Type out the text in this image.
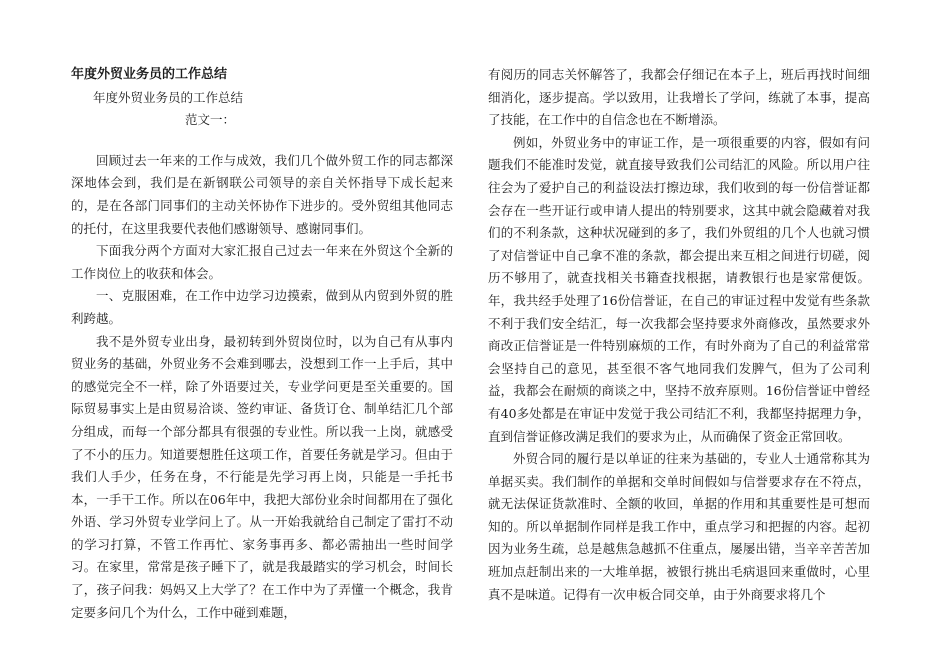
年度外贸业务员的工作总结
年度外贸业务员的工作总结
范文一：

回顾过去一年来的工作与成效，我们几个做外贸工作的同志都深深地体会到，我们是在新钢联公司领导的亲自关怀指导下成长起来的，是在各部门同事们的主动关怀协作下进步的。受外贸组其他同志的托付，在这里我要代表他们感谢领导、感谢同事们。

下面我分两个方面对大家汇报自己过去一年来在外贸这个全新的工作岗位上的收获和体会。

一、克服困难，在工作中边学习边摸索，做到从内贸到外贸的胜利跨越。

我不是外贸专业出身，最初转到外贸岗位时，以为自己有从事内贸业务的基础，外贸业务不会难到哪去，没想到工作一上手后，其中的感觉完全不一样，除了外语要过关，专业学问更是至关重要的。国际贸易事实上是由贸易洽谈、签约审证、备货订仓、制单结汇几个部分组成，而每一个部分都具有很强的专业性。所以我一上岗，就感受了不小的压力。知道要想胜任这项工作，首要任务就是学习。但由于我们人手少，任务在身，不行能是先学习再上岗，只能是一手托书本，一手干工作。所以在06年中，我把大部份业余时间都用在了强化外语、学习外贸专业学问上了。从一开始我就给自己制定了雷打不动的学习打算，不管工作再忙、家务事再多、都必需抽出一些时间学习。在家里，常常是孩子睡下了，就是我最踏实的学习机会，时间长了，孩子问我：妈妈又上大学了？在工作中为了弄懂一个概念，我肯定要多问几个为什么，工作中碰到难题，

有阅历的同志关怀解答了，我都会仔细记在本子上，班后再找时间细细消化，逐步提高。学以致用，让我增长了学问，练就了本事，提高了技能，在工作中的自信念也在不断增添。

例如，外贸业务中的审证工作，是一项很重要的内容，假如有问题我们不能准时发觉，就直接导致我们公司结汇的风险。所以用户往往会为了爱护自己的利益设法打擦边球，我们收到的每一份信誉证都会存在一些开证行或申请人提出的特别要求，这其中就会隐藏着对我们的不利条款，这种状况碰到的多了，我们外贸组的几个人也就习惯了对信誉证中自己拿不准的条款，都会提出来互相之间进行切磋，阅历不够用了，就查找相关书籍查找根据，请教银行也是家常便饭。年，我共经手处理了16份信誉证，在自己的审证过程中发觉有些条款不利于我们安全结汇，每一次我都会坚持要求外商修改，虽然要求外商改正信誉证是一件特别麻烦的工作，有时外商为了自己的利益常常会坚持自己的意见，甚至很不客气地同我们发脾气，但为了公司利益，我都会在耐烦的商谈之中，坚持不放弃原则。16份信誉证中曾经有40多处都是在审证中发觉于我公司结汇不利，我都坚持据理力争，直到信誉证修改满足我们的要求为止，从而确保了资金正常回收。

外贸合同的履行是以单证的往来为基础的，专业人士通常称其为单据买卖。我们制作的单据和交单时间假如与信誉要求存在不符点，就无法保证货款准时、全额的收回，单据的作用和其重要性是可想而知的。所以单据制作同样是我工作中，重点学习和把握的内容。起初因为业务生疏，总是越焦急越抓不住重点，屡屡出错，当辛辛苦苦加班加点赶制出来的一大堆单据，被银行挑出毛病退回来重做时，心里真不是味道。记得有一次申板合同交单，由于外商要求将几个
